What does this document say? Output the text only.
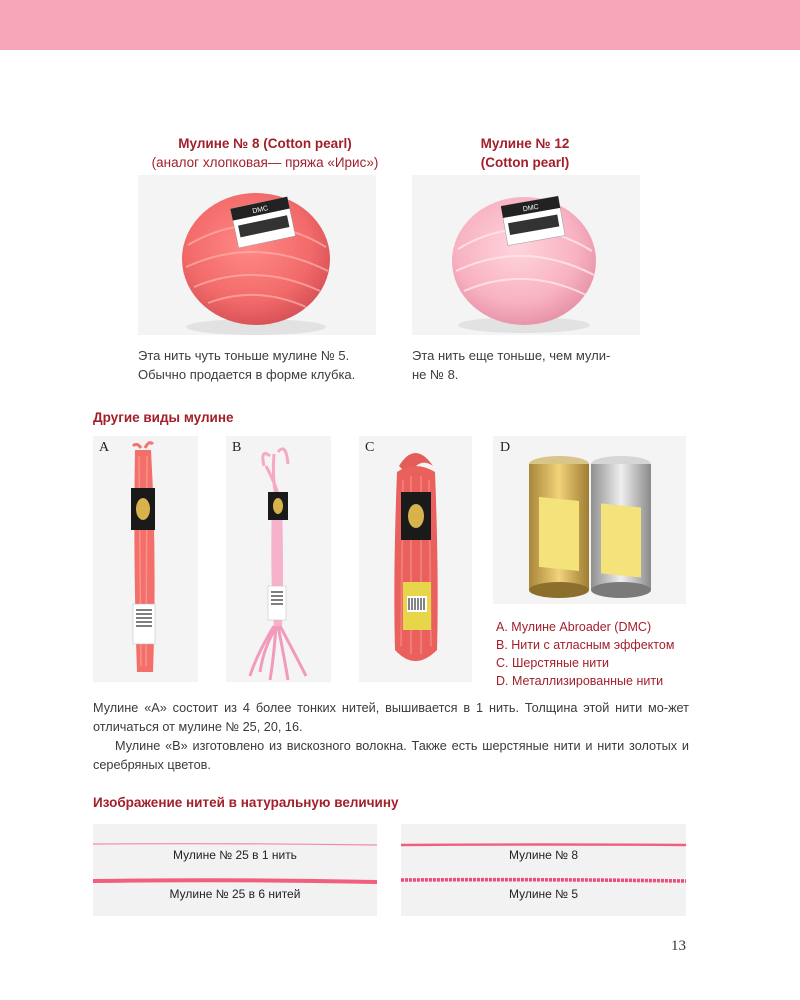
Мулине № 8 (Cotton pearl)
(аналог хлопковая— пряжа «Ирис»)
DMC
Эта нить чуть тоньше мулине № 5.
Обычно продается в форме клубка.
Мулине № 12
(Cotton pearl)
DMC
Эта нить еще тоньше, чем мули-
не № 8.
Другие виды мулине
A	B	C	D
A. Мулине Abroader (DMC)
B. Нити с атласным эффектом
C. Шерстяные нити
D. Металлизированные нити

Мулине «А» состоит из 4 более тонких нитей, вышивается в 1 нить. Толщина этой нити мо-жет отличаться от мулине № 25, 20, 16.

Мулине «В» изготовлено из вискозного волокна. Также есть шерстяные нити и нити золотых и серебряных цветов.

Изображение нитей в натуральную величину
Мулине № 25 в 1 нить
Мулине № 25 в 6 нитей
Мулине № 8
Мулине № 5
13
